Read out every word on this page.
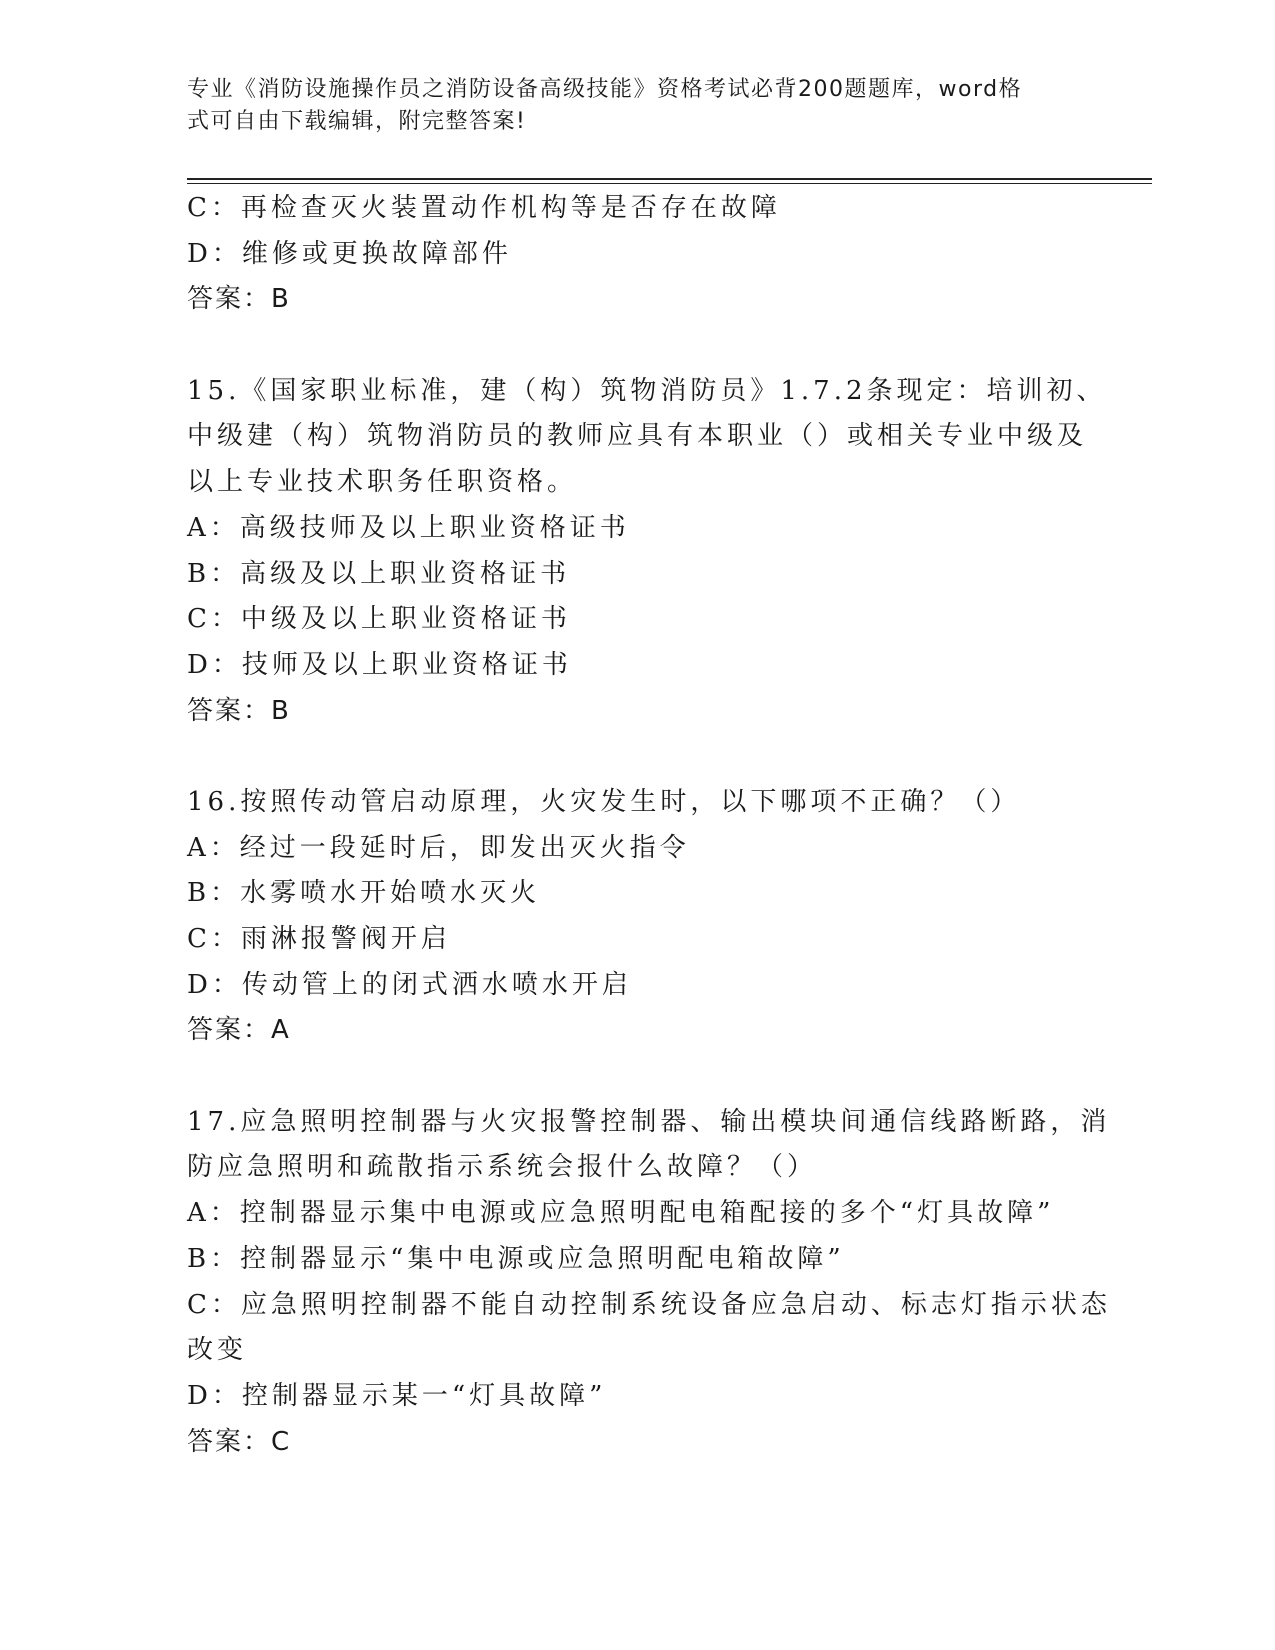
专业《消防设施操作员之消防设备高级技能》资格考试必背200题题库，word格
式可自由下载编辑，附完整答案!
C：再检查灭火装置动作机构等是否存在故障
D：维修或更换故障部件
答案：B
15.《国家职业标准，建（构）筑物消防员》1.7.2条现定：培训初、
中级建（构）筑物消防员的教师应具有本职业（）或相关专业中级及
以上专业技术职务任职资格。
A：高级技师及以上职业资格证书
B：高级及以上职业资格证书
C：中级及以上职业资格证书
D：技师及以上职业资格证书
答案：B
16.按照传动管启动原理，火灾发生时，以下哪项不正确？（）
A：经过一段延时后，即发出灭火指令
B：水雾喷水开始喷水灭火
C：雨淋报警阀开启
D：传动管上的闭式洒水喷水开启
答案：A
17.应急照明控制器与火灾报警控制器、输出模块间通信线路断路，消
防应急照明和疏散指示系统会报什么故障？（）
A：控制器显示集中电源或应急照明配电箱配接的多个“灯具故障”
B：控制器显示“集中电源或应急照明配电箱故障”
C：应急照明控制器不能自动控制系统设备应急启动、标志灯指示状态
改变
D：控制器显示某一“灯具故障”
答案：C
